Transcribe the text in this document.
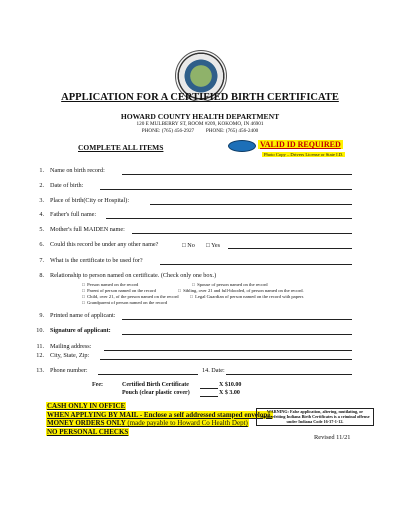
APPLICATION FOR A CERTIFIED BIRTH CERTIFICATE
HOWARD COUNTY HEALTH DEPARTMENT
120 E MULBERRY ST, ROOM #209, KOKOMO, IN 46901
PHONE: (765) 456-2927 PHONE: (765) 456-2400
COMPLETE ALL ITEMS	VALID ID REQUIRED
Photo Copy – Drivers License or State I.D.
1. Name on birth record:
2. Date of birth:
3. Place of birth(City or Hospital):
4. Father's full name:
5. Mother's full MAIDEN name:
6. Could this record be under any other name?	□ No □ Yes
7. What is the certificate to be used for?
8. Relationship to person named on certificate. (Check only one box.)
□  Person named on the record	□  Spouse of person named on the record
□  Parent of person named on the record	□  Sibling, over 21 and full-blooded, of person named on the record.
□  Child, over 21, of the person named on the record □  Legal Guardian of person named on the record with papers
□  Grandparent of person named on the record
9. Printed name of applicant:
10. Signature of applicant:
11. Mailing address:
12. City, State, Zip:
13. Phone number:	14. Date:
Fee:	Certified Birth Certificate	X $10.00
Pouch (clear plastic cover)	X $ 3.00
CASH ONLY IN OFFICE
WHEN APPLYING BY MAIL - Enclose a self addressed stamped envelope.
MONEY ORDERS ONLY (made payable to Howard Co Health Dept)
NO PERSONAL CHECKS
WARNING: False application, altering, mutilating, or counterfeiting Indiana Birth Certificates is a criminal offense under Indiana Code 16-37-1-12.
Revised 11/21
